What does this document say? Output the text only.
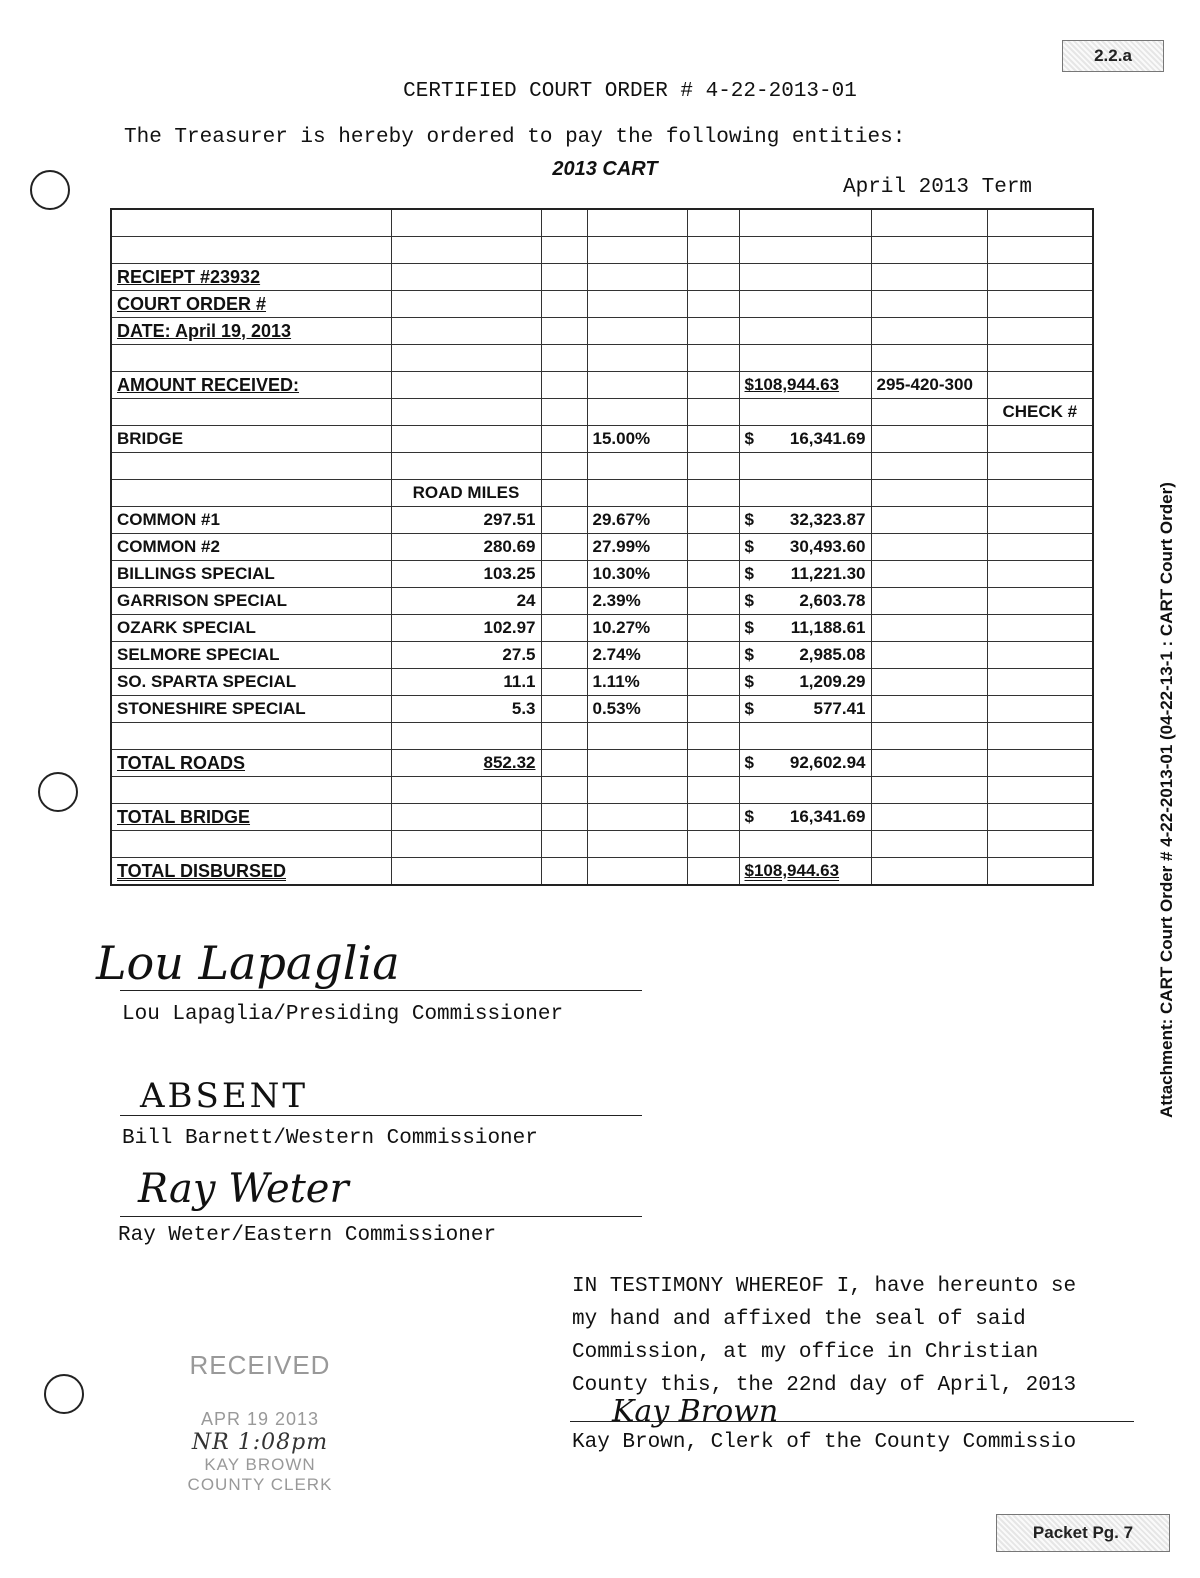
2.2.a
CERTIFIED COURT ORDER # 4-22-2013-01
The Treasurer is hereby ordered to pay the following entities:
2013 CART
April 2013 Term

RECIEPT #23932							
COURT ORDER #							
DATE: April 19, 2013							

AMOUNT RECEIVED:					$108,944.63	295-420-300	
							CHECK #
BRIDGE			15.00%		$ 16,341.69		

	ROAD MILES						
COMMON #1	297.51		29.67%		$ 32,323.87		

COMMON #2	280.69		27.99%		$ 30,493.60		

BILLINGS SPECIAL	103.25		10.30%		$ 11,221.30		

GARRISON SPECIAL	24		2.39%		$ 2,603.78		

OZARK SPECIAL	102.97		10.27%		$ 11,188.61		

SELMORE SPECIAL	27.5		2.74%		$ 2,985.08		

SO. SPARTA SPECIAL	11.1		1.11%		$ 1,209.29		

STONESHIRE SPECIAL	5.3		0.53%		$ 577.41		

TOTAL ROADS	852.32				$ 92,602.94		

TOTAL BRIDGE					$ 16,341.69		

TOTAL DISBURSED					$108,944.63		
Lou Lapaglia
Lou Lapaglia/Presiding Commissioner
ABSENT
Bill Barnett/Western Commissioner
Ray Weter
Ray Weter/Eastern Commissioner
IN TESTIMONY WHEREOF I, have hereunto se
my hand and affixed the seal of said
Commission, at my office in Christian
County this, the 22nd day of April, 2013
Kay Brown
Kay Brown, Clerk of the County Commissio
RECEIVED
APR 19 2013
NR 1:08pm
KAY BROWN
COUNTY CLERK
Attachment: CART Court Order # 4-22-2013-01 (04-22-13-1 : CART Court Order)
Packet Pg. 7
